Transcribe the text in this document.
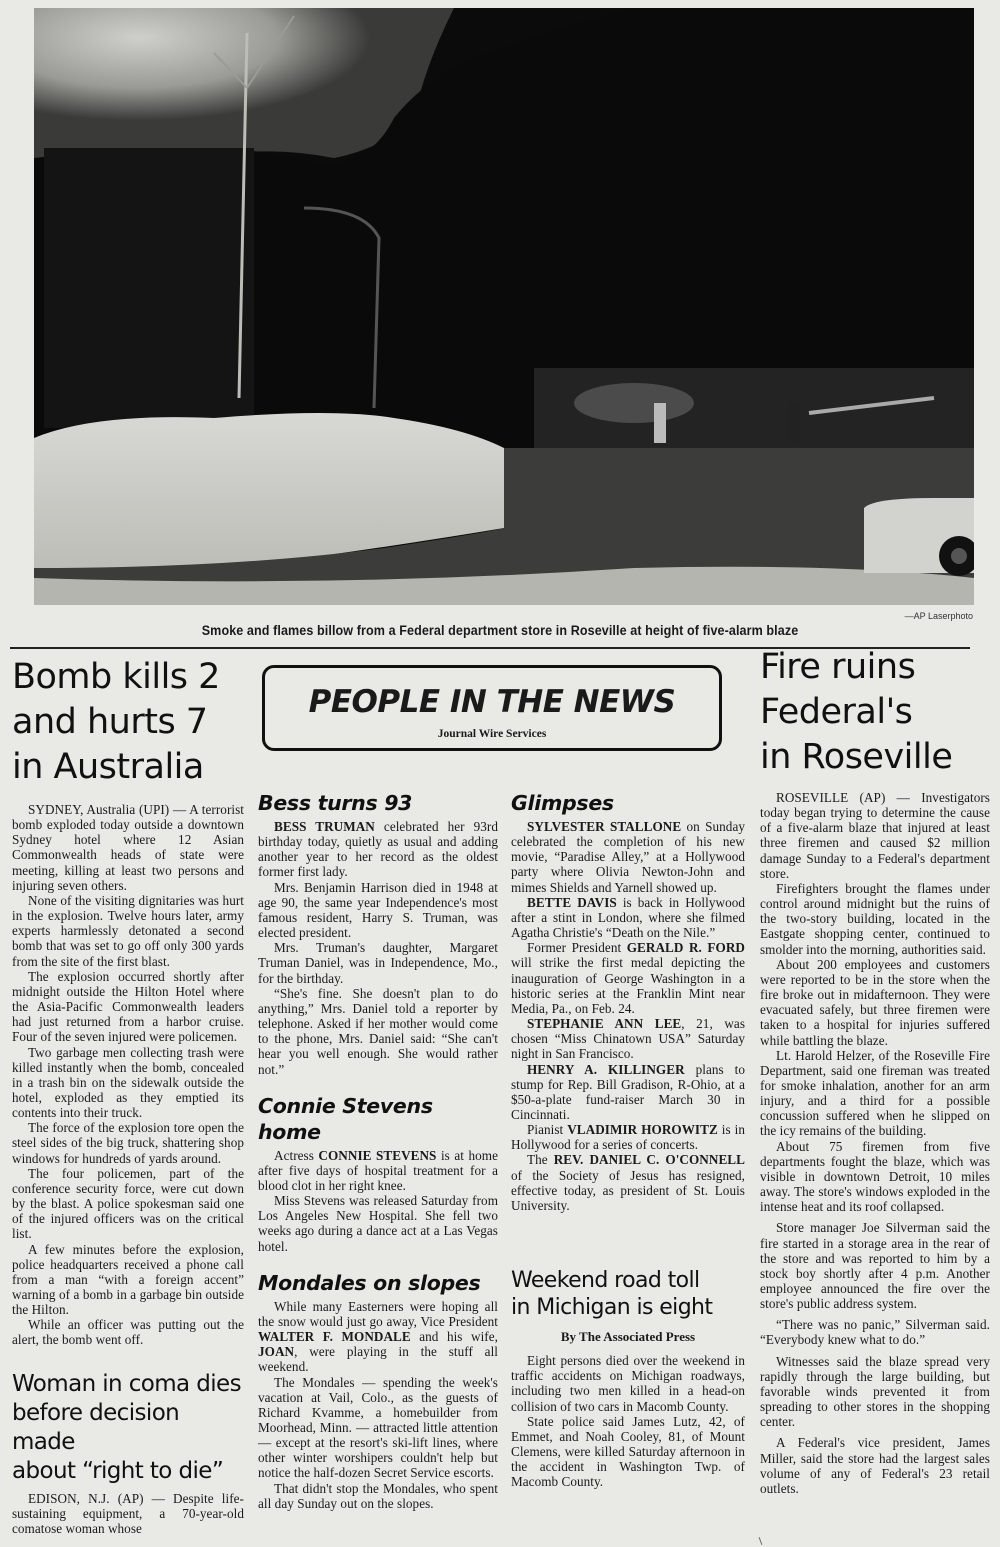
—AP Laserphoto
Smoke and flames billow from a Federal department store in Roseville at height of five-alarm blaze
Bomb kills 2
and hurts 7
in Australia

SYDNEY, Australia (UPI) — A terrorist bomb exploded today outside a downtown Sydney hotel where 12 Asian Commonwealth heads of state were meeting, killing at least two persons and injuring seven others.

None of the visiting dignitaries was hurt in the explosion. Twelve hours later, army experts harmlessly detonated a second bomb that was set to go off only 300 yards from the site of the first blast.

The explosion occurred shortly after midnight outside the Hilton Hotel where the Asia-Pacific Commonwealth leaders had just returned from a harbor cruise. Four of the seven injured were policemen.

Two garbage men collecting trash were killed instantly when the bomb, concealed in a trash bin on the sidewalk outside the hotel, exploded as they emptied its contents into their truck.

The force of the explosion tore open the steel sides of the big truck, shattering shop windows for hundreds of yards around.

The four policemen, part of the conference security force, were cut down by the blast. A police spokesman said one of the injured officers was on the critical list.

A few minutes before the explosion, police headquarters received a phone call from a man “with a foreign accent” warning of a bomb in a garbage bin outside the Hilton.

While an officer was putting out the alert, the bomb went off.

Woman in coma dies
before decision made
about “right to die”

EDISON, N.J. (AP) — Despite life-sustaining equipment, a 70-year-old comatose woman whose

PEOPLE IN THE NEWS
Journal Wire Services
Bess turns 93

BESS TRUMAN celebrated her 93rd birthday today, quietly as usual and adding another year to her record as the oldest former first lady.

Mrs. Benjamin Harrison died in 1948 at age 90, the same year Independence's most famous resident, Harry S. Truman, was elected president.

Mrs. Truman's daughter, Margaret Truman Daniel, was in Independence, Mo., for the birthday.

“She's fine. She doesn't plan to do anything,” Mrs. Daniel told a reporter by telephone. Asked if her mother would come to the phone, Mrs. Daniel said: “She can't hear you well enough. She would rather not.”

Connie Stevens home

Actress CONNIE STEVENS is at home after five days of hospital treatment for a blood clot in her right knee.

Miss Stevens was released Saturday from Los Angeles New Hospital. She fell two weeks ago during a dance act at a Las Vegas hotel.

Mondales on slopes

While many Easterners were hoping all the snow would just go away, Vice President WALTER F. MONDALE and his wife, JOAN, were playing in the stuff all weekend.

The Mondales — spending the week's vacation at Vail, Colo., as the guests of Richard Kvamme, a homebuilder from Moorhead, Minn. — attracted little attention — except at the resort's ski-lift lines, where other winter worshipers couldn't help but notice the half-dozen Secret Service escorts.

That didn't stop the Mondales, who spent all day Sunday out on the slopes.

Glimpses

SYLVESTER STALLONE on Sunday celebrated the completion of his new movie, “Paradise Alley,” at a Hollywood party where Olivia Newton-John and mimes Shields and Yarnell showed up.

BETTE DAVIS is back in Hollywood after a stint in London, where she filmed Agatha Christie's “Death on the Nile.”

Former President GERALD R. FORD will strike the first medal depicting the inauguration of George Washington in a historic series at the Franklin Mint near Media, Pa., on Feb. 24.

STEPHANIE ANN LEE, 21, was chosen “Miss Chinatown USA” Saturday night in San Francisco.

HENRY A. KILLINGER plans to stump for Rep. Bill Gradison, R-Ohio, at a $50-a-plate fund-raiser March 30 in Cincinnati.

Pianist VLADIMIR HOROWITZ is in Hollywood for a series of concerts.

The REV. DANIEL C. O'CONNELL of the Society of Jesus has resigned, effective today, as president of St. Louis University.

Weekend road toll
in Michigan is eight
By The Associated Press

Eight persons died over the weekend in traffic accidents on Michigan roadways, including two men killed in a head-on collision of two cars in Macomb County.

State police said James Lutz, 42, of Emmet, and Noah Cooley, 81, of Mount Clemens, were killed Saturday afternoon in the accident in Washington Twp. of Macomb County.

Fire ruins
Federal's
in Roseville

ROSEVILLE (AP) — Investigators today began trying to determine the cause of a five-alarm blaze that injured at least three firemen and caused $2 million damage Sunday to a Federal's department store.

Firefighters brought the flames under control around midnight but the ruins of the two-story building, located in the Eastgate shopping center, continued to smolder into the morning, authorities said.

About 200 employees and customers were reported to be in the store when the fire broke out in midafternoon. They were evacuated safely, but three firemen were taken to a hospital for injuries suffered while battling the blaze.

Lt. Harold Helzer, of the Roseville Fire Department, said one fireman was treated for smoke inhalation, another for an arm injury, and a third for a possible concussion suffered when he slipped on the icy remains of the building.

About 75 firemen from five departments fought the blaze, which was visible in downtown Detroit, 10 miles away. The store's windows exploded in the intense heat and its roof collapsed.

Store manager Joe Silverman said the fire started in a storage area in the rear of the store and was reported to him by a stock boy shortly after 4 p.m. Another employee announced the fire over the store's public address system.

“There was no panic,” Silverman said. “Everybody knew what to do.”

Witnesses said the blaze spread very rapidly through the large building, but favorable winds prevented it from spreading to other stores in the shopping center.

A Federal's vice president, James Miller, said the store had the largest sales volume of any of Federal's 23 retail outlets.
